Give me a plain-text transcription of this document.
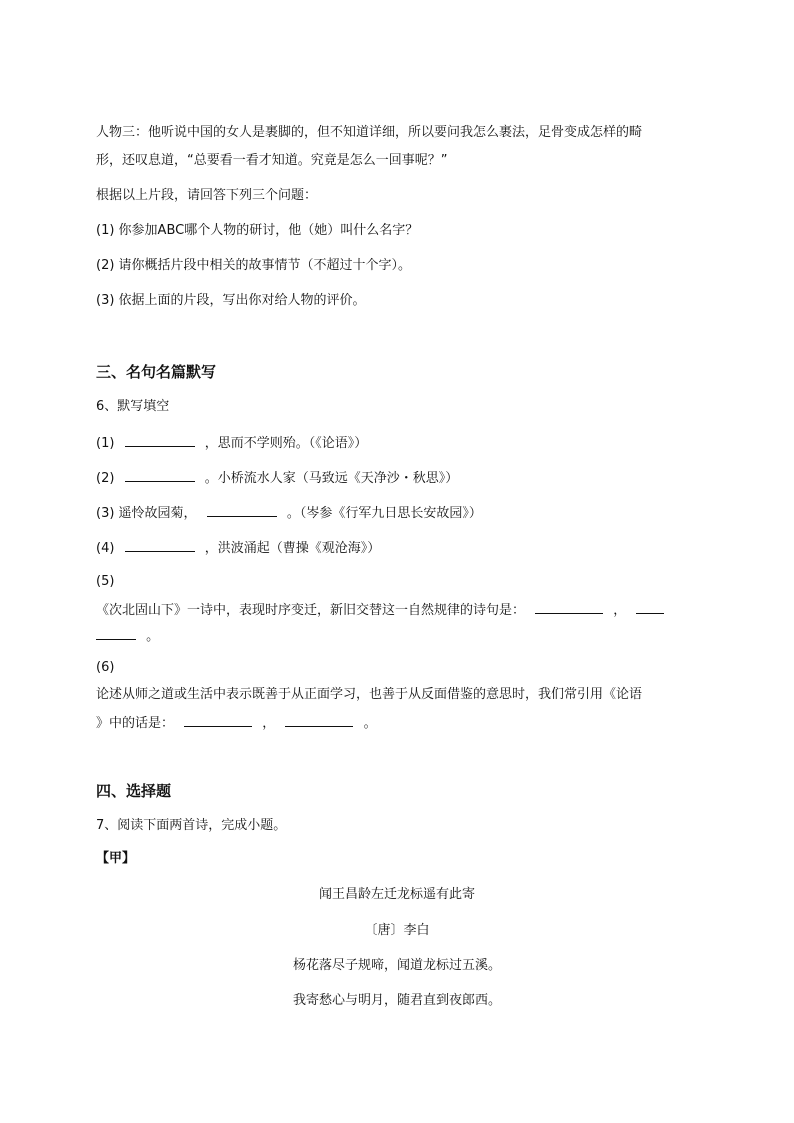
人物三：他听说中国的女人是裹脚的，但不知道详细，所以要问我怎么裹法，足骨变成怎样的畸
形，还叹息道，“总要看一看才知道。究竟是怎么一回事呢？”
根据以上片段，请回答下列三个问题：
(1) 你参加ABC哪个人物的研讨，他（她）叫什么名字？
(2) 请你概括片段中相关的故事情节（不超过十个字）。
(3) 依据上面的片段，写出你对给人物的评价。
三、名句名篇默写
6、默写填空
(1)	，思而不学则殆。（《论语》）
(2)	。小桥流水人家（马致远《天净沙・秋思》）
(3) 遥怜故园菊，	。（岑参《行军九日思长安故园》）
(4)	，洪波涌起（曹操《观沧海》）
(5)
《次北固山下》一诗中，表现时序变迁，新旧交替这一自然规律的诗句是：	，
。
(6)
论述从师之道或生活中表示既善于从正面学习，也善于从反面借鉴的意思时，我们常引用《论语
》中的话是：	，	。
四、选择题
7、阅读下面两首诗，完成小题。
【甲】
闻王昌龄左迁龙标遥有此寄
〔唐〕李白
杨花落尽子规啼，闻道龙标过五溪。
我寄愁心与明月，随君直到夜郎西。
